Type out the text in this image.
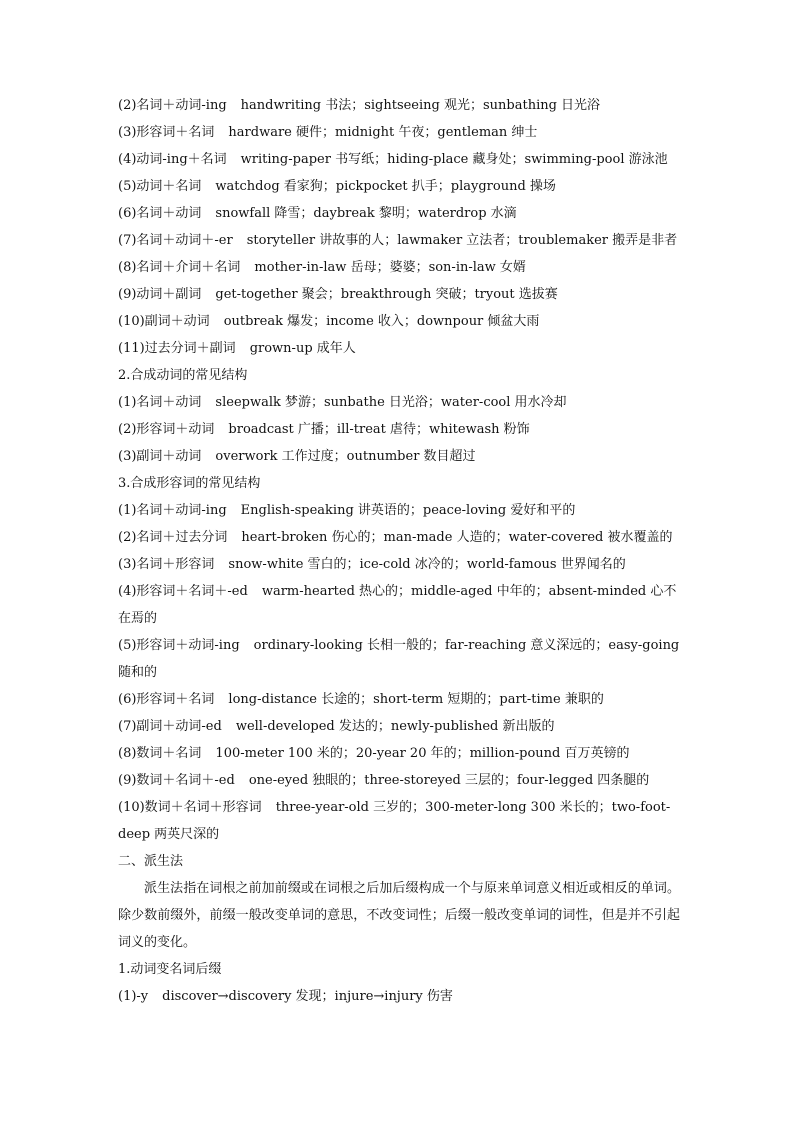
(2)名词＋动词-ing handwriting 书法；sightseeing 观光；sunbathing 日光浴
(3)形容词＋名词 hardware 硬件；midnight 午夜；gentleman 绅士
(4)动词-ing＋名词 writing-paper 书写纸；hiding-place 藏身处；swimming-pool 游泳池
(5)动词＋名词 watchdog 看家狗；pickpocket 扒手；playground 操场
(6)名词＋动词 snowfall 降雪；daybreak 黎明；waterdrop 水滴
(7)名词＋动词＋-er storyteller 讲故事的人；lawmaker 立法者；troublemaker 搬弄是非者
(8)名词＋介词＋名词 mother-in-law 岳母；婆婆；son-in-law 女婿
(9)动词＋副词 get-together 聚会；breakthrough 突破；tryout 选拔赛
(10)副词＋动词 outbreak 爆发；income 收入；downpour 倾盆大雨
(11)过去分词＋副词 grown-up 成年人
2.合成动词的常见结构
(1)名词＋动词 sleepwalk 梦游；sunbathe 日光浴；water-cool 用水冷却
(2)形容词＋动词 broadcast 广播；ill-treat 虐待；whitewash 粉饰
(3)副词＋动词 overwork 工作过度；outnumber 数目超过
3.合成形容词的常见结构
(1)名词＋动词-ing English-speaking 讲英语的；peace-loving 爱好和平的
(2)名词＋过去分词 heart-broken 伤心的；man-made 人造的；water-covered 被水覆盖的
(3)名词＋形容词 snow-white 雪白的；ice-cold 冰冷的；world-famous 世界闻名的
(4)形容词＋名词＋-ed warm-hearted 热心的；middle-aged 中年的；absent-minded 心不在焉的
(5)形容词＋动词-ing ordinary-looking 长相一般的；far-reaching 意义深远的；easy-going 随和的
(6)形容词＋名词 long-distance 长途的；short-term 短期的；part-time 兼职的
(7)副词＋动词-ed well-developed 发达的；newly-published 新出版的
(8)数词＋名词 100-meter 100 米的；20-year 20 年的；million-pound 百万英镑的
(9)数词＋名词＋-ed one-eyed 独眼的；three-storeyed 三层的；four-legged 四条腿的
(10)数词＋名词＋形容词 three-year-old 三岁的；300-meter-long 300 米长的；two-foot-deep 两英尺深的
二、派生法
派生法指在词根之前加前缀或在词根之后加后缀构成一个与原来单词意义相近或相反的单词。除少数前缀外，前缀一般改变单词的意思，不改变词性；后缀一般改变单词的词性，但是并不引起词义的变化。
1.动词变名词后缀
(1)-y discover→discovery 发现；injure→injury 伤害
